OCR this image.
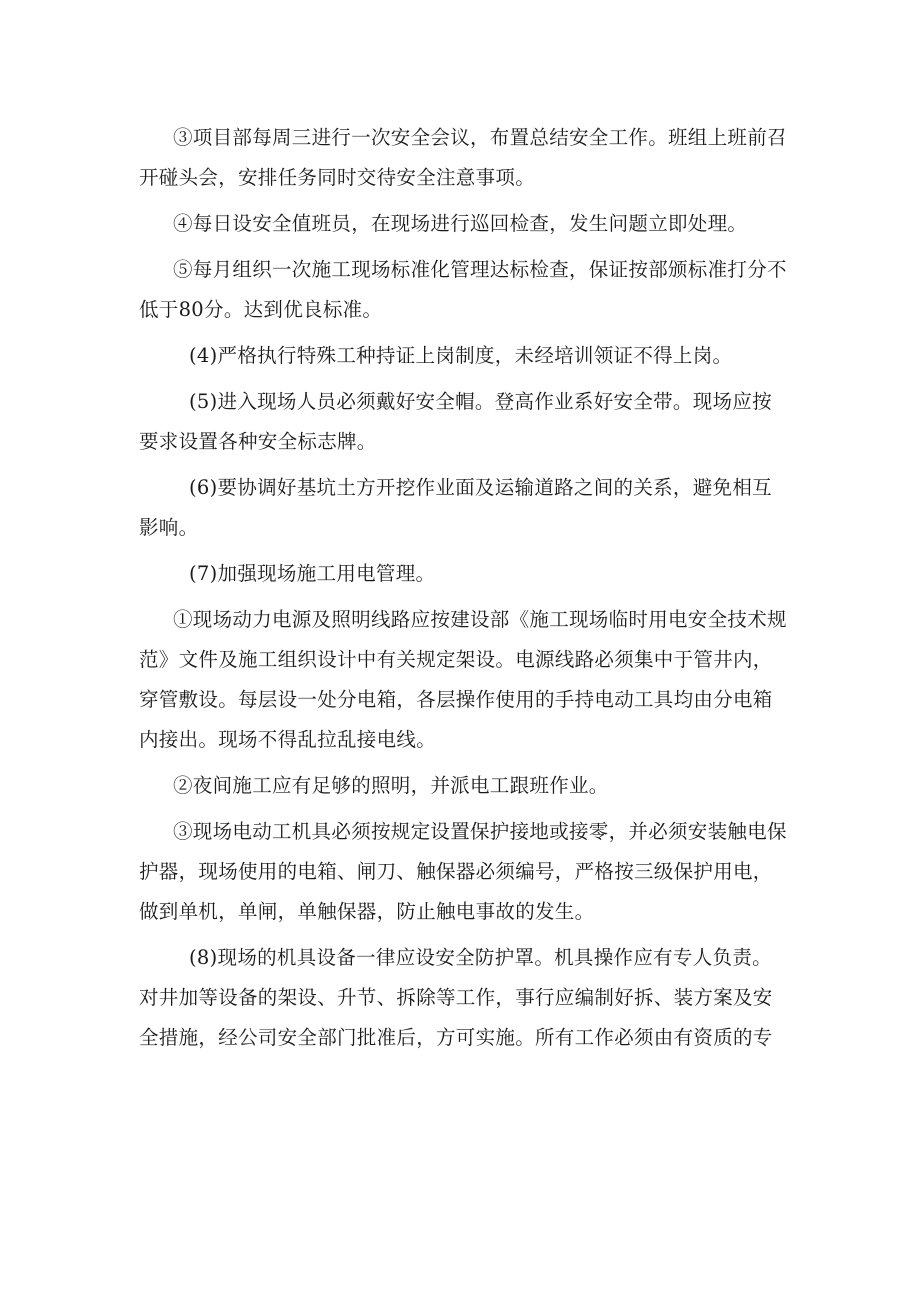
③项目部每周三进行一次安全会议，布置总结安全工作。班组上班前召开碰头会，安排任务同时交待安全注意事项。

④每日设安全值班员，在现场进行巡回检查，发生问题立即处理。

⑤每月组织一次施工现场标准化管理达标检查，保证按部颁标准打分不低于80分。达到优良标准。

(4)严格执行特殊工种持证上岗制度，未经培训领证不得上岗。

(5)进入现场人员必须戴好安全帽。登高作业系好安全带。现场应按要求设置各种安全标志牌。

(6)要协调好基坑土方开挖作业面及运输道路之间的关系，避免相互影响。

(7)加强现场施工用电管理。

①现场动力电源及照明线路应按建设部《施工现场临时用电安全技术规范》文件及施工组织设计中有关规定架设。电源线路必须集中于管井内，穿管敷设。每层设一处分电箱，各层操作使用的手持电动工具均由分电箱内接出。现场不得乱拉乱接电线。

②夜间施工应有足够的照明，并派电工跟班作业。

③现场电动工机具必须按规定设置保护接地或接零，并必须安装触电保护器，现场使用的电箱、闸刀、触保器必须编号，严格按三级保护用电，做到单机，单闸，单触保器，防止触电事故的发生。

(8)现场的机具设备一律应设安全防护罩。机具操作应有专人负责。对井加等设备的架设、升节、拆除等工作，事行应编制好拆、装方案及安全措施，经公司安全部门批准后，方可实施。所有工作必须由有资质的专
